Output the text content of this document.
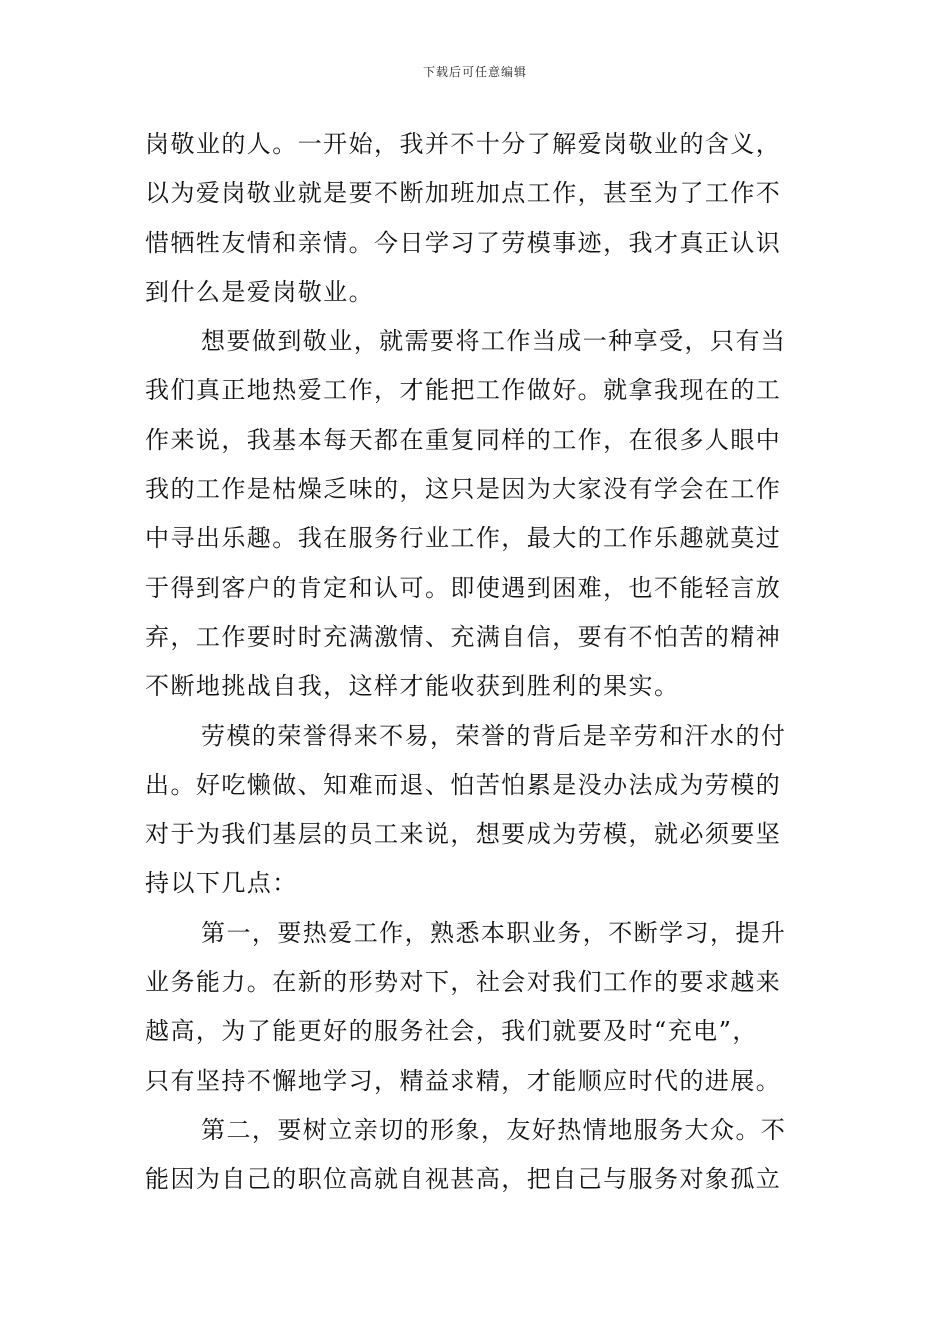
下载后可任意编辑
岗敬业的人。一开始，我并不十分了解爱岗敬业的含义，
以为爱岗敬业就是要不断加班加点工作，甚至为了工作不
惜牺牲友情和亲情。今日学习了劳模事迹，我才真正认识
到什么是爱岗敬业。
想要做到敬业，就需要将工作当成一种享受，只有当
我们真正地热爱工作，才能把工作做好。就拿我现在的工
作来说，我基本每天都在重复同样的工作，在很多人眼中
我的工作是枯燥乏味的，这只是因为大家没有学会在工作
中寻出乐趣。我在服务行业工作，最大的工作乐趣就莫过
于得到客户的肯定和认可。即使遇到困难，也不能轻言放
弃，工作要时时充满激情、充满自信，要有不怕苦的精神
不断地挑战自我，这样才能收获到胜利的果实。
劳模的荣誉得来不易，荣誉的背后是辛劳和汗水的付
出。好吃懒做、知难而退、怕苦怕累是没办法成为劳模的
对于为我们基层的员工来说，想要成为劳模，就必须要坚
持以下几点：
第一，要热爱工作，熟悉本职业务，不断学习，提升
业务能力。在新的形势对下，社会对我们工作的要求越来
越高，为了能更好的服务社会，我们就要及时“充电”，
只有坚持不懈地学习，精益求精，才能顺应时代的进展。
第二，要树立亲切的形象，友好热情地服务大众。不
能因为自己的职位高就自视甚高，把自己与服务对象孤立
